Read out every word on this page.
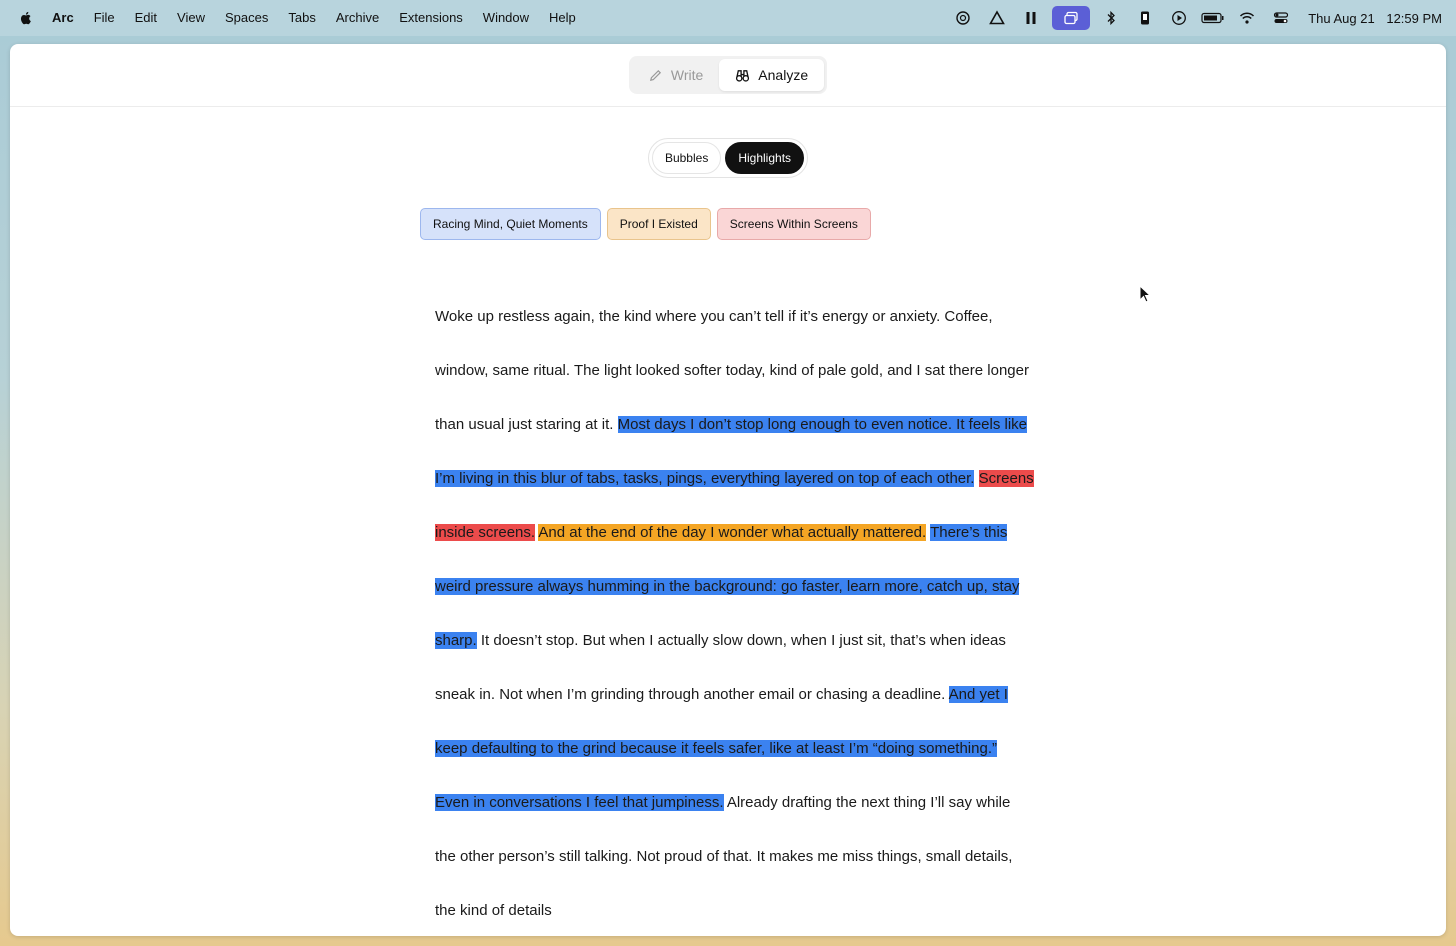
Arc File Edit View Spaces Tabs Archive Extensions Window Help	Thu Aug 21 12:59 PM
Write	Analyze
Bubbles	Highlights
Racing Mind, Quiet Moments	Proof I Existed	Screens Within Screens
Woke up restless again, the kind where you can’t tell if it’s energy or anxiety. Coffee, window, same ritual. The light looked softer today, kind of pale gold, and I sat there longer than usual just staring at it. Most days I don’t stop long enough to even notice. It feels like I’m living in this blur of tabs, tasks, pings, everything layered on top of each other. Screens inside screens. And at the end of the day I wonder what actually mattered. There’s this weird pressure always humming in the background: go faster, learn more, catch up, stay sharp. It doesn’t stop. But when I actually slow down, when I just sit, that’s when ideas sneak in. Not when I’m grinding through another email or chasing a deadline. And yet I keep defaulting to the grind because it feels safer, like at least I’m “doing something.” Even in conversations I feel that jumpiness. Already drafting the next thing I’ll say while the other person’s still talking. Not proud of that. It makes me miss things, small details, the kind of details
